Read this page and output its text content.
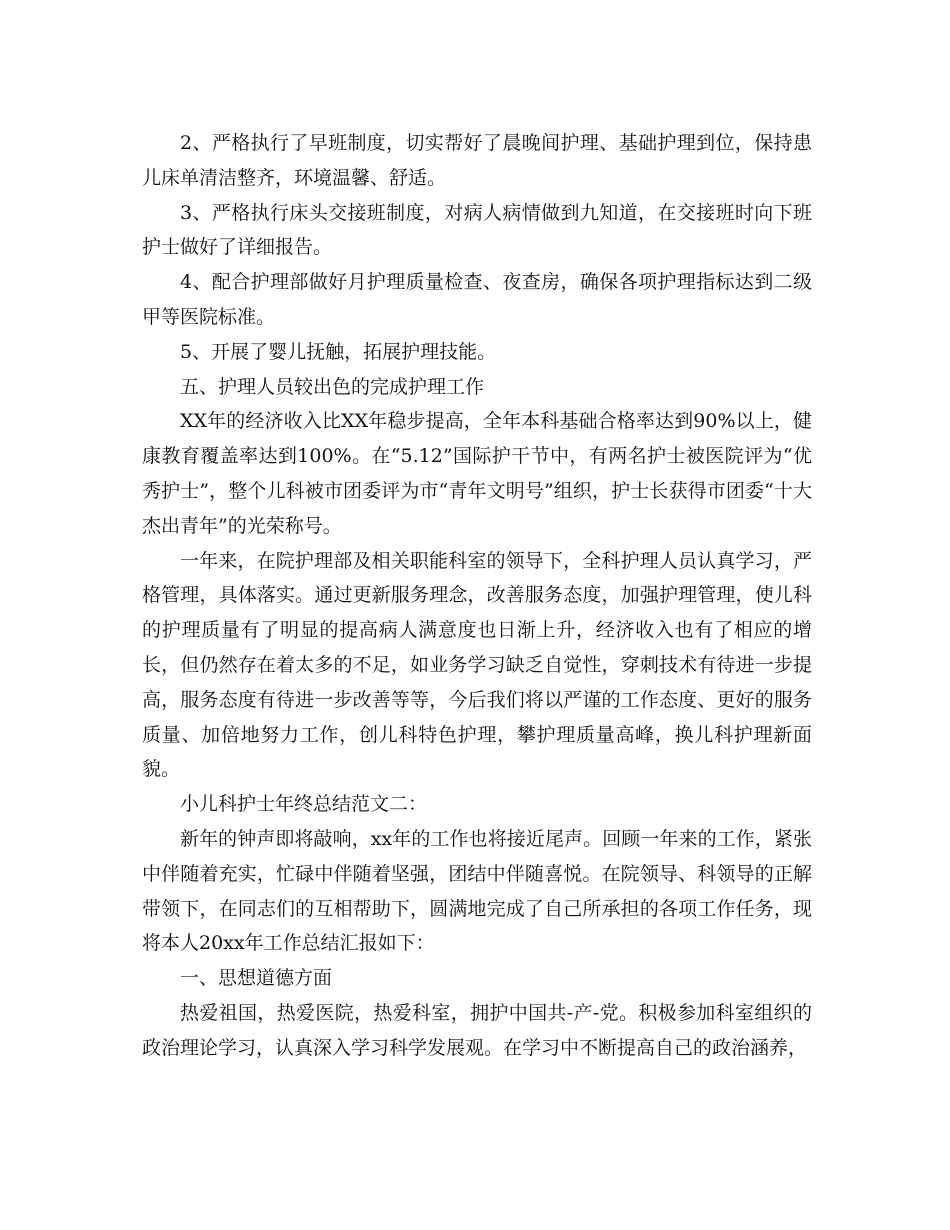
2、严格执行了早班制度，切实帮好了晨晚间护理、基础护理到位，保持患儿床单清洁整齐，环境温馨、舒适。

3、严格执行床头交接班制度，对病人病情做到九知道，在交接班时向下班护士做好了详细报告。

4、配合护理部做好月护理质量检查、夜查房，确保各项护理指标达到二级甲等医院标准。

5、开展了婴儿抚触，拓展护理技能。

五、护理人员较出色的完成护理工作

XX年的经济收入比XX年稳步提高，全年本科基础合格率达到90%以上，健康教育覆盖率达到100%。在“5.12”国际护干节中，有两名护士被医院评为“优秀护士”，整个儿科被市团委评为市“青年文明号”组织，护士长获得市团委“十大杰出青年”的光荣称号。

一年来，在院护理部及相关职能科室的领导下，全科护理人员认真学习，严格管理，具体落实。通过更新服务理念，改善服务态度，加强护理管理，使儿科的护理质量有了明显的提高病人满意度也日渐上升，经济收入也有了相应的增长，但仍然存在着太多的不足，如业务学习缺乏自觉性，穿刺技术有待进一步提高，服务态度有待进一步改善等等，今后我们将以严谨的工作态度、更好的服务质量、加倍地努力工作，创儿科特色护理，攀护理质量高峰，换儿科护理新面貌。

小儿科护士年终总结范文二：

新年的钟声即将敲响，xx年的工作也将接近尾声。回顾一年来的工作，紧张中伴随着充实，忙碌中伴随着坚强，团结中伴随喜悦。在院领导、科领导的正解带领下，在同志们的互相帮助下，圆满地完成了自己所承担的各项工作任务，现将本人20xx年工作总结汇报如下：

一、思想道德方面

热爱祖国，热爱医院，热爱科室，拥护中国共-产-党。积极参加科室组织的政治理论学习，认真深入学习科学发展观。在学习中不断提高自己的政治涵养，
